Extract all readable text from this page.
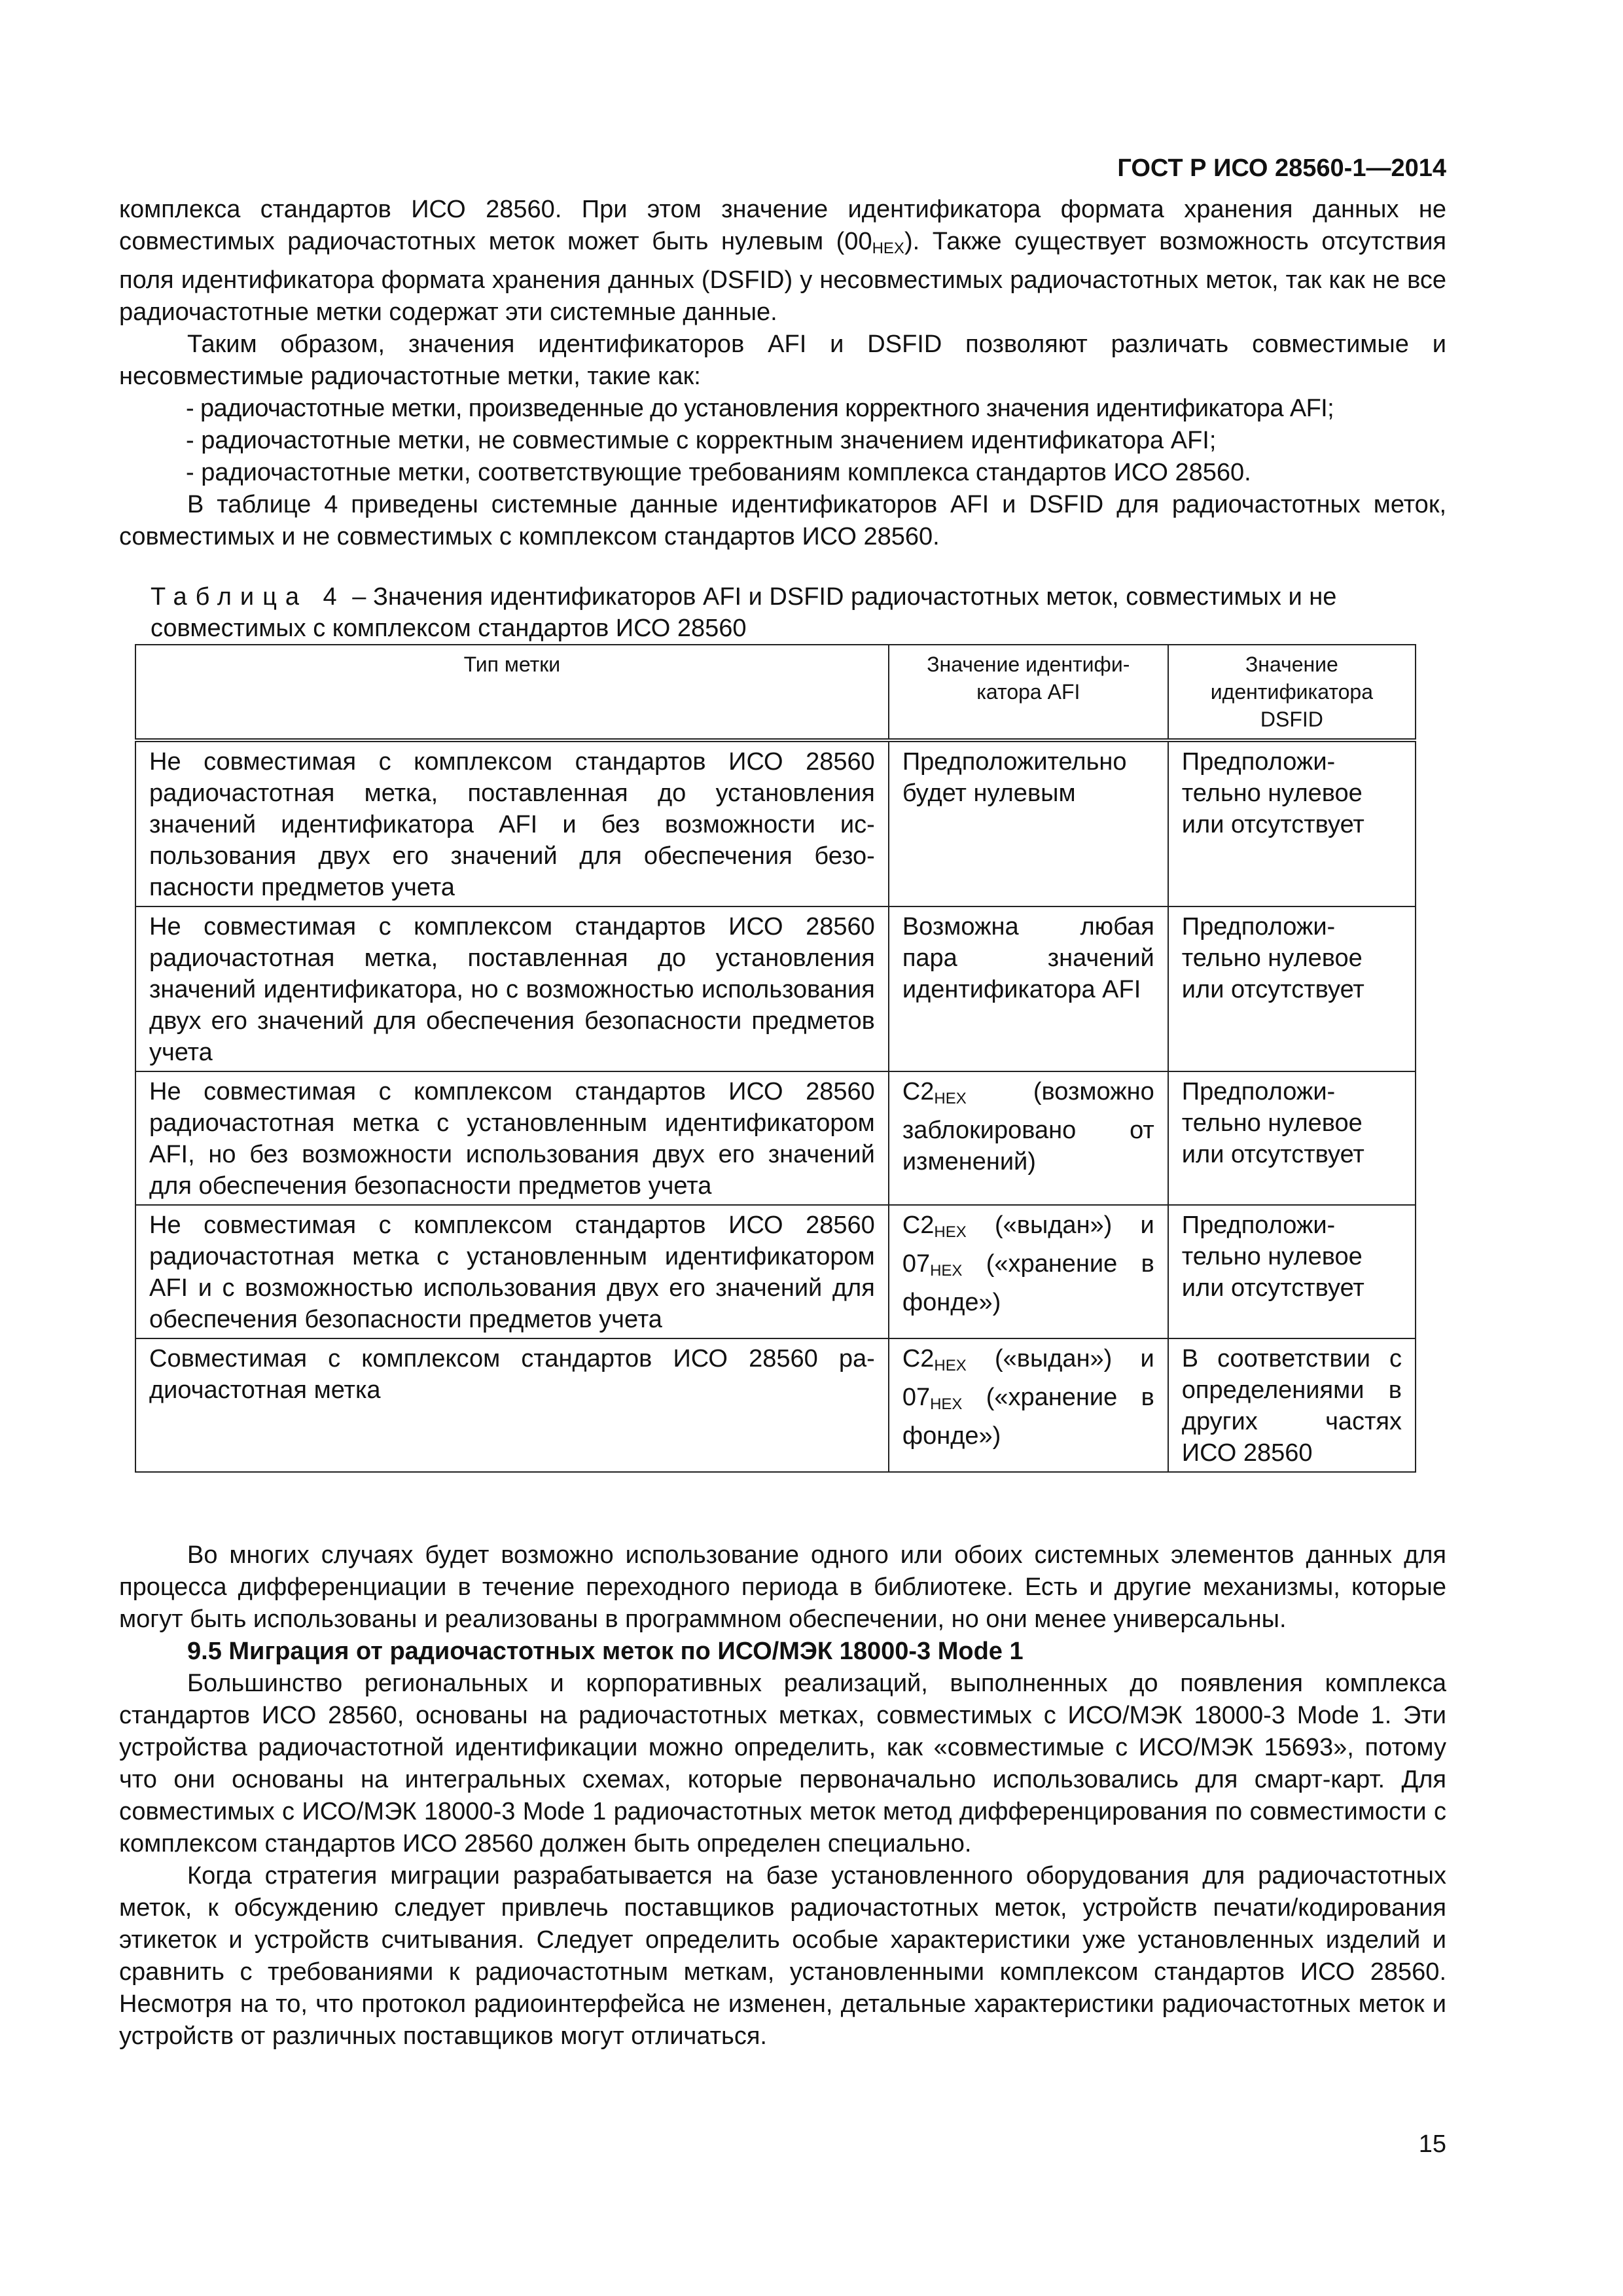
ГОСТ Р ИСО 28560-1—2014

комплекса стандартов ИСО 28560. При этом значение идентификатора формата хранения данных не совместимых радиочастотных меток может быть нулевым $(00_{HEX})$. Также существует возможность отсутствия поля идентификатора формата хранения данных (DSFID) у несовместимых радиочастотных меток, так как не все радиочастотные метки содержат эти системные данные.

Таким образом, значения идентификаторов AFI и DSFID позволяют различать совместимые и несовместимые радиочастотные метки, такие как:

- радиочастотные метки, произведенные до установления корректного значения идентификатора AFI;

- радиочастотные метки, не совместимые с корректным значением идентификатора AFI;

- радиочастотные метки, соответствующие требованиям комплекса стандартов ИСО 28560.

В таблице 4 приведены системные данные идентификаторов AFI и DSFID для радиочастотных меток, совместимых и не совместимых с комплексом стандартов ИСО 28560.

Таблица 4 – Значения идентификаторов AFI и DSFID радиочастотных меток, совместимых и не совместимых с комплексом стандартов ИСО 28560
Тип метки	Значение идентификатора AFI	Значение идентификатора DSFID
Не совместимая с комплексом стандартов ИСО 28560 радиочастотная метка, поставленная до установления значений идентификатора AFI и без возможности использования двух его значений для обеспечения безопасности предметов учета	Предположительно будет нулевым	Предположительно нулевое или отсутствует
Не совместимая с комплексом стандартов ИСО 28560 радиочастотная метка, поставленная до установления значений идентификатора, но с возможностью использования двух его значений для обеспечения безопасности предметов учета	Возможна любая пара значений идентификатора AFI	Предположительно нулевое или отсутствует
Не совместимая с комплексом стандартов ИСО 28560 радиочастотная метка с установленным идентификатором AFI, но без возможности использования двух его значений для обеспечения безопасности предметов учета	$C2_{HEX}$ (возможно заблокировано от изменений)	Предположительно нулевое или отсутствует
Не совместимая с комплексом стандартов ИСО 28560 радиочастотная метка с установленным идентификатором AFI и с возможностью использования двух его значений для обеспечения безопасности предметов учета	$C2_{HEX}$ («выдан») и $07_{HEX}$ («хранение в фонде»)	Предположительно нулевое или отсутствует
Совместимая с комплексом стандартов ИСО 28560 радиочастотная метка	$C2_{HEX}$ («выдан») и $07_{HEX}$ («хранение в фонде»)	В соответствии с определениями в других частях ИСО 28560

Во многих случаях будет возможно использование одного или обоих системных элементов данных для процесса дифференциации в течение переходного периода в библиотеке. Есть и другие механизмы, которые могут быть использованы и реализованы в программном обеспечении, но они менее универсальны.

9.5 Миграция от радиочастотных меток по ИСО/МЭК 18000-3 Mode 1

Большинство региональных и корпоративных реализаций, выполненных до появления комплекса стандартов ИСО 28560, основаны на радиочастотных метках, совместимых с ИСО/МЭК 18000-3 Mode 1. Эти устройства радиочастотной идентификации можно определить, как «совместимые с ИСО/МЭК 15693», потому что они основаны на интегральных схемах, которые первоначально использовались для смарт-карт. Для совместимых с ИСО/МЭК 18000-3 Mode 1 радиочастотных меток метод дифференцирования по совместимости с комплексом стандартов ИСО 28560 должен быть определен специально.

Когда стратегия миграции разрабатывается на базе установленного оборудования для радиочастотных меток, к обсуждению следует привлечь поставщиков радиочастотных меток, устройств печати/кодирования этикеток и устройств считывания. Следует определить особые характеристики уже установленных изделий и сравнить с требованиями к радиочастотным меткам, установленными комплексом стандартов ИСО 28560. Несмотря на то, что протокол радиоинтерфейса не изменен, детальные характеристики радиочастотных меток и устройств от различных поставщиков могут отличаться.

15
